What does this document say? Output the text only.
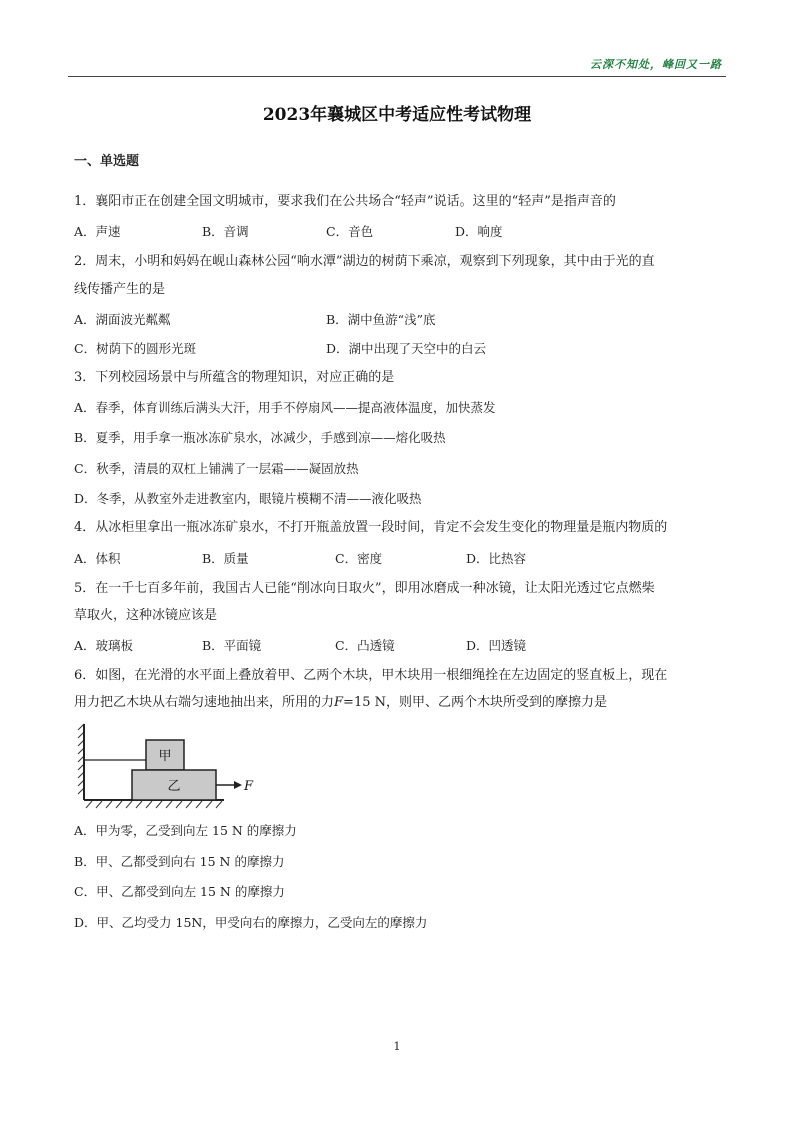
云深不知处，峰回又一路
2023年襄城区中考适应性考试物理
一、单选题
1．襄阳市正在创建全国文明城市，要求我们在公共场合“轻声”说话。这里的“轻声”是指声音的
A．声速	B．音调	C．音色	D．响度
2．周末，小明和妈妈在岘山森林公园“响水潭”湖边的树荫下乘凉，观察到下列现象，其中由于光的直
线传播产生的是
A．湖面波光粼粼	B．湖中鱼游“浅”底
C．树荫下的圆形光斑	D．湖中出现了天空中的白云
3．下列校园场景中与所蕴含的物理知识，对应正确的是
A．春季，体育训练后满头大汗，用手不停扇风——提高液体温度，加快蒸发
B．夏季，用手拿一瓶冰冻矿泉水，冰减少，手感到凉——熔化吸热
C．秋季，清晨的双杠上铺满了一层霜——凝固放热
D．冬季，从教室外走进教室内，眼镜片模糊不清——液化吸热
4．从冰柜里拿出一瓶冰冻矿泉水，不打开瓶盖放置一段时间，肯定不会发生变化的物理量是瓶内物质的
A．体积	B．质量	C．密度	D．比热容
5．在一千七百多年前，我国古人已能“削冰向日取火”，即用冰磨成一种冰镜，让太阳光透过它点燃柴
草取火，这种冰镜应该是
A．玻璃板	B．平面镜	C．凸透镜	D．凹透镜
6．如图，在光滑的水平面上叠放着甲、乙两个木块，甲木块用一根细绳拴在左边固定的竖直板上，现在
用力把乙木块从右端匀速地抽出来，所用的力F=15 N，则甲、乙两个木块所受到的摩擦力是
甲
乙	F
A．甲为零，乙受到向左 15 N 的摩擦力
B．甲、乙都受到向右 15 N 的摩擦力
C．甲、乙都受到向左 15 N 的摩擦力
D．甲、乙均受力 15N，甲受向右的摩擦力，乙受向左的摩擦力
1
